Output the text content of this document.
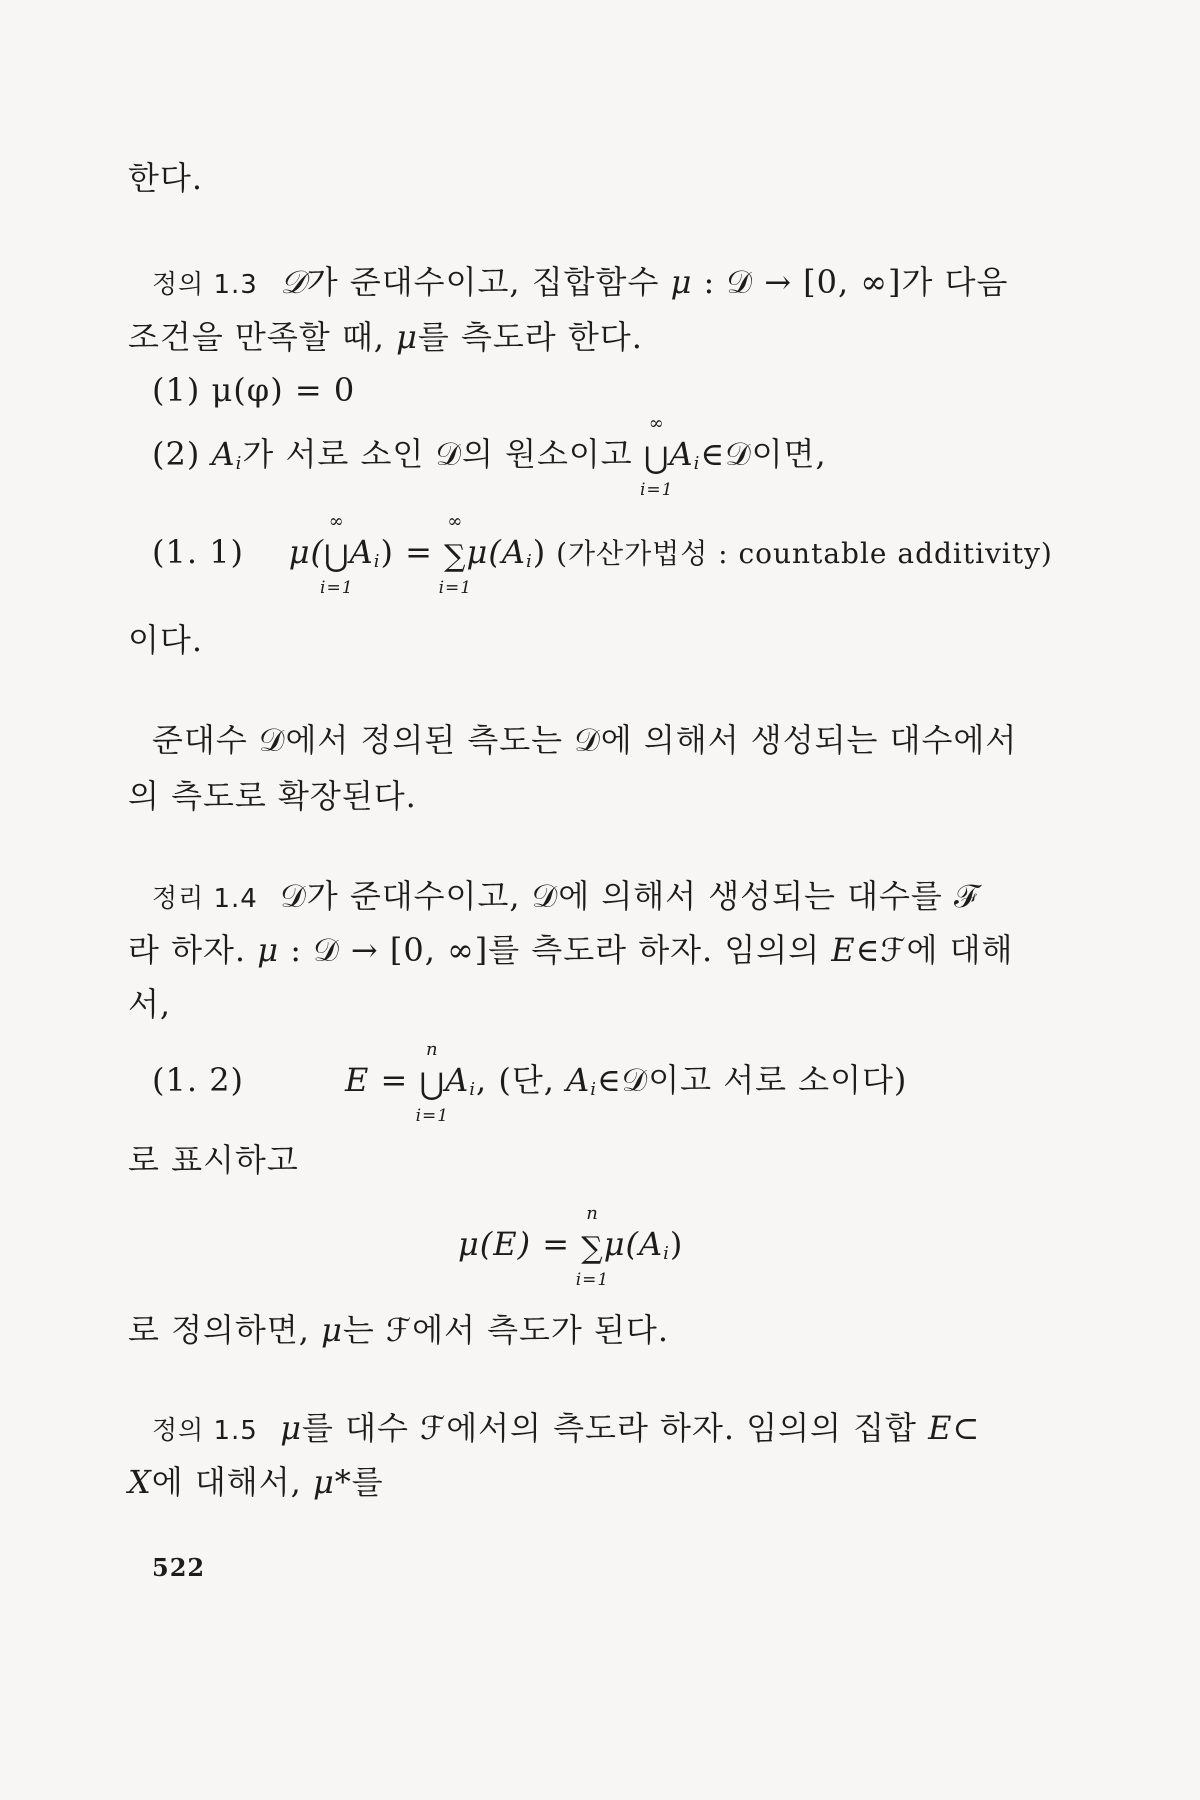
한다.
정의 1.3 𝒟가 준대수이고, 집합함수 μ : 𝒟 → [0, ∞]가 다음
조건을 만족할 때, μ를 측도라 한다.
(1) μ(φ) = 0
(2) Ai가 서로 소인 𝒟의 원소이고
∞
⋃
i=1
Ai∈𝒟이면,
(1. 1) μ(
∞
⋃
i=1
Ai) =
∞
∑
i=1
μ(Ai) (가산가법성 : countable additivity)
이다.
준대수 𝒟에서 정의된 측도는 𝒟에 의해서 생성되는 대수에서
의 측도로 확장된다.
정리 1.4 𝒟가 준대수이고, 𝒟에 의해서 생성되는 대수를 ℱ
라 하자. μ : 𝒟 → [0, ∞]를 측도라 하자. 임의의 E∈ℱ에 대해
서,
(1. 2)	E =
n
⋃
i=1
Ai, (단, Ai∈𝒟이고 서로 소이다)
로 표시하고
μ(E) =
n
∑
i=1
μ(Ai)
로 정의하면, μ는 ℱ에서 측도가 된다.
정의 1.5 μ를 대수 ℱ에서의 측도라 하자. 임의의 집합 E⊂
X에 대해서, μ*를
522
